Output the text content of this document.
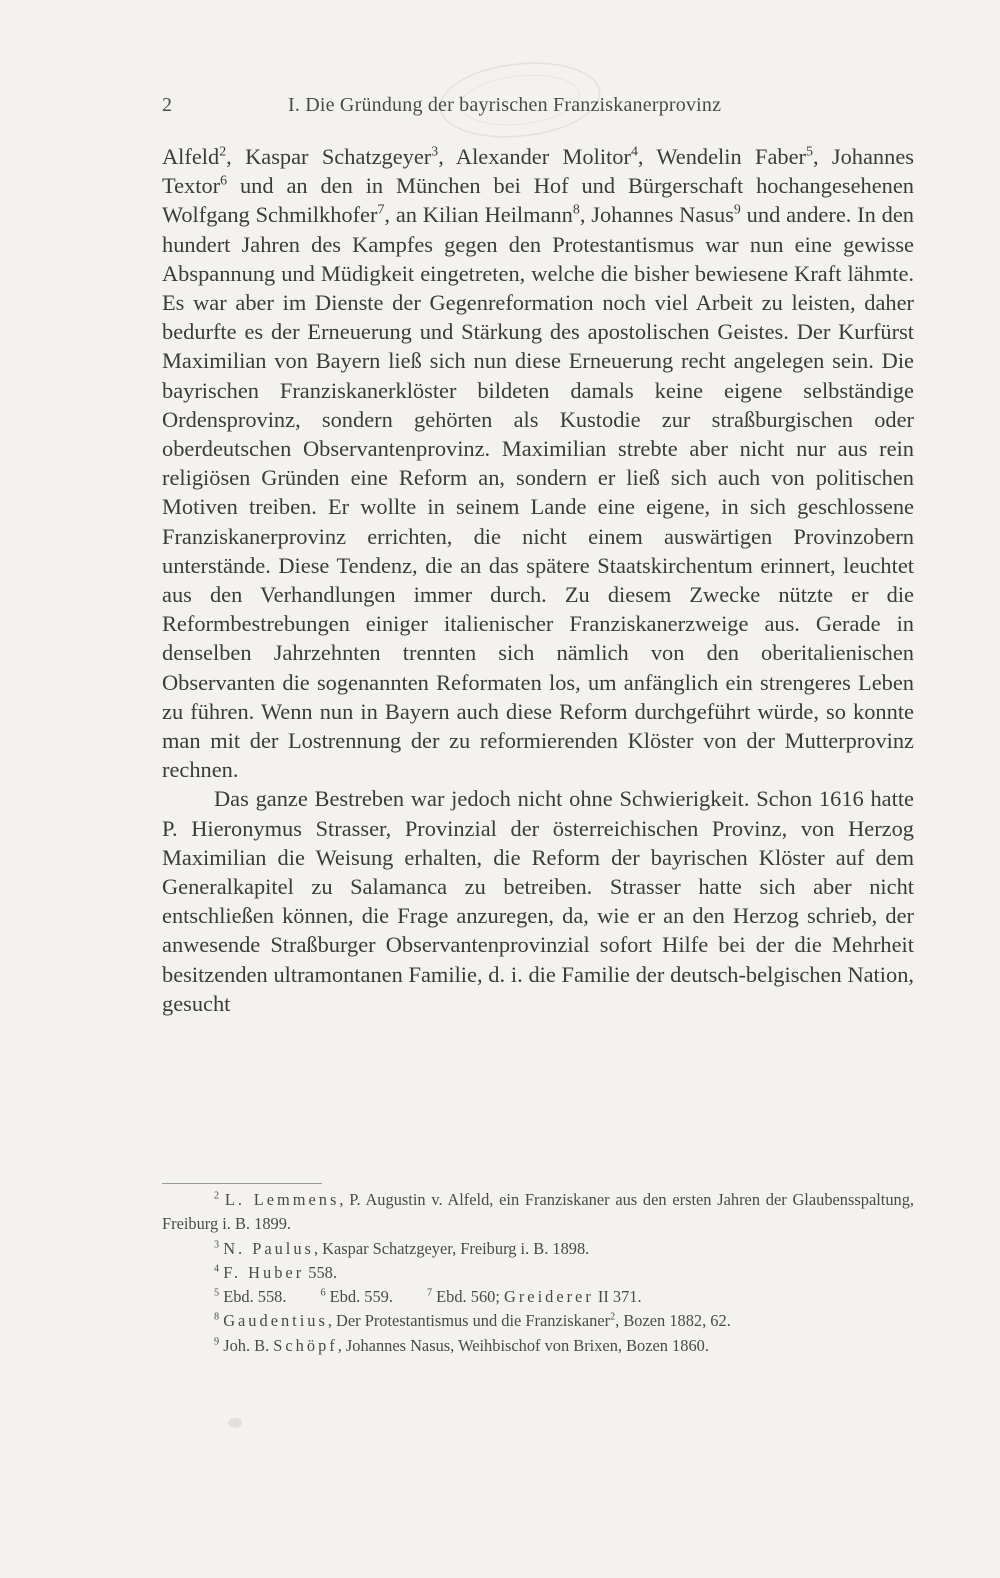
2	I. Die Gründung der bayrischen Franziskanerprovinz

Alfeld$^2$, Kaspar Schatzgeyer$^3$, Alexander Molitor$^4$, Wendelin Faber$^5$, Johannes Textor$^6$ und an den in München bei Hof und Bürgerschaft hochangesehenen Wolfgang Schmilkhofer$^7$, an Kilian Heilmann$^8$, Johannes Nasus$^9$ und andere. In den hundert Jahren des Kampfes gegen den Protestantismus war nun eine gewisse Abspannung und Müdigkeit eingetreten, welche die bisher bewiesene Kraft lähmte. Es war aber im Dienste der Gegenreformation noch viel Arbeit zu leisten, daher bedurfte es der Erneuerung und Stärkung des apostolischen Geistes. Der Kurfürst Maximilian von Bayern ließ sich nun diese Erneuerung recht angelegen sein. Die bayrischen Franziskanerklöster bildeten damals keine eigene selbständige Ordensprovinz, sondern gehörten als Kustodie zur straßburgischen oder oberdeutschen Observantenprovinz. Maximilian strebte aber nicht nur aus rein religiösen Gründen eine Reform an, sondern er ließ sich auch von politischen Motiven treiben. Er wollte in seinem Lande eine eigene, in sich geschlossene Franziskanerprovinz errichten, die nicht einem auswärtigen Provinzobern unterstände. Diese Tendenz, die an das spätere Staatskirchentum erinnert, leuchtet aus den Verhandlungen immer durch. Zu diesem Zwecke nützte er die Reformbestrebungen einiger italienischer Franziskanerzweige aus. Gerade in denselben Jahrzehnten trennten sich nämlich von den oberitalienischen Observanten die sogenannten Reformaten los, um anfänglich ein strengeres Leben zu führen. Wenn nun in Bayern auch diese Reform durchgeführt würde, so konnte man mit der Lostrennung der zu reformierenden Klöster von der Mutterprovinz rechnen.

Das ganze Bestreben war jedoch nicht ohne Schwierigkeit. Schon 1616 hatte P. Hieronymus Strasser, Provinzial der österreichischen Provinz, von Herzog Maximilian die Weisung erhalten, die Reform der bayrischen Klöster auf dem Generalkapitel zu Salamanca zu betreiben. Strasser hatte sich aber nicht entschließen können, die Frage anzuregen, da, wie er an den Herzog schrieb, der anwesende Straßburger Observantenprovinzial sofort Hilfe bei der die Mehrheit besitzenden ultramontanen Familie, d. i. die Familie der deutsch-belgischen Nation, gesucht

$^2$ L. Lemmens, P. Augustin v. Alfeld, ein Franziskaner aus den ersten Jahren der Glaubensspaltung, Freiburg i. B. 1899.

$^3$ N. Paulus, Kaspar Schatzgeyer, Freiburg i. B. 1898.

$^4$ F. Huber 558.

$^5$ Ebd. 558.	$^6$ Ebd. 559.	$^7$ Ebd. 560; Greiderer II 371.

$^8$ Gaudentius, Der Protestantismus und die Franziskaner$^2$, Bozen 1882, 62.

$^9$ Joh. B. Schöpf, Johannes Nasus, Weihbischof von Brixen, Bozen 1860.
